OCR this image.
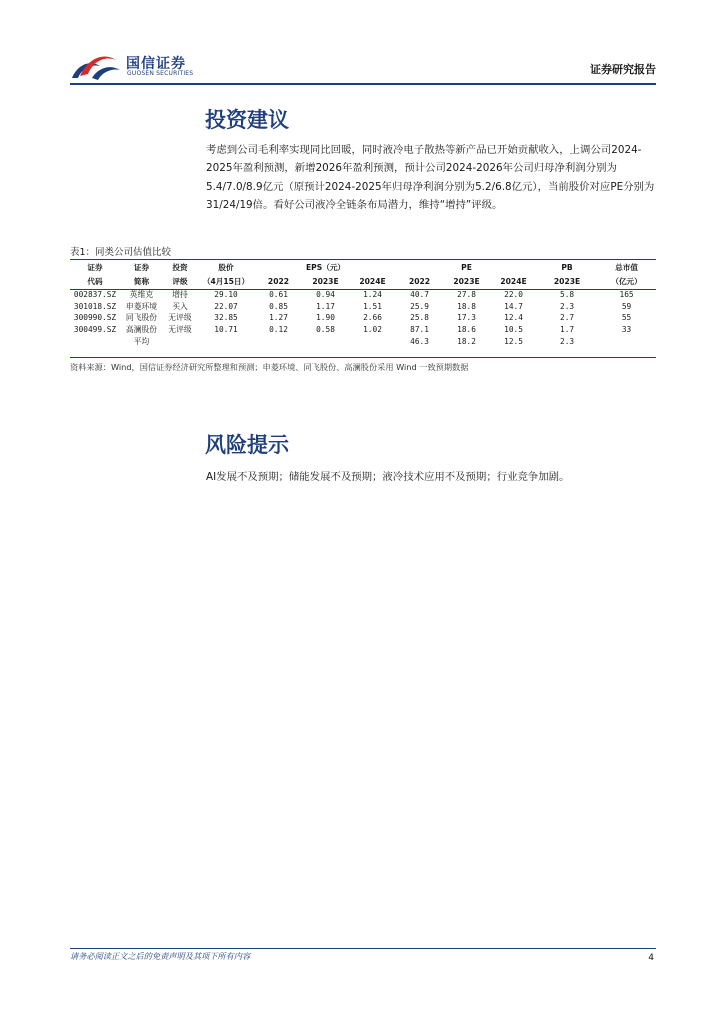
国信证券
GUOSEN SECURITIES	证券研究报告
投资建议
考虑到公司毛利率实现同比回暖，同时液冷电子散热等新产品已开始贡献收入，上调公司2024-2025年盈利预测，新增2026年盈利预测，预计公司2024-2026年公司归母净利润分别为5.4/7.0/8.9亿元（原预计2024-2025年归母净利润分别为5.2/6.8亿元），当前股价对应PE分别为31/24/19倍。看好公司液冷全链条布局潜力，维持“增持”评级。
表1：同类公司估值比较
证券	证券	投资	股价	EPS（元）			PE			PB	总市值
代码	简称	评级	（4月15日）	2022	2023E	2024E	2022	2023E	2024E	2023E	（亿元）
002837.SZ	英维克	增持	29.10	0.61	0.94	1.24	40.7	27.8	22.0	5.8	165
301018.SZ	申菱环境	买入	22.07	0.85	1.17	1.51	25.9	18.8	14.7	2.3	59
300990.SZ	同飞股份	无评级	32.85	1.27	1.90	2.66	25.8	17.3	12.4	2.7	55
300499.SZ	高澜股份	无评级	10.71	0.12	0.58	1.02	87.1	18.6	10.5	1.7	33
	平均						46.3	18.2	12.5	2.3	
资料来源：Wind，国信证券经济研究所整理和预测；申菱环境、同飞股份、高澜股份采用 Wind 一致预期数据
风险提示
AI发展不及预期；储能发展不及预期；液冷技术应用不及预期；行业竞争加剧。
请务必阅读正文之后的免责声明及其项下所有内容	4
